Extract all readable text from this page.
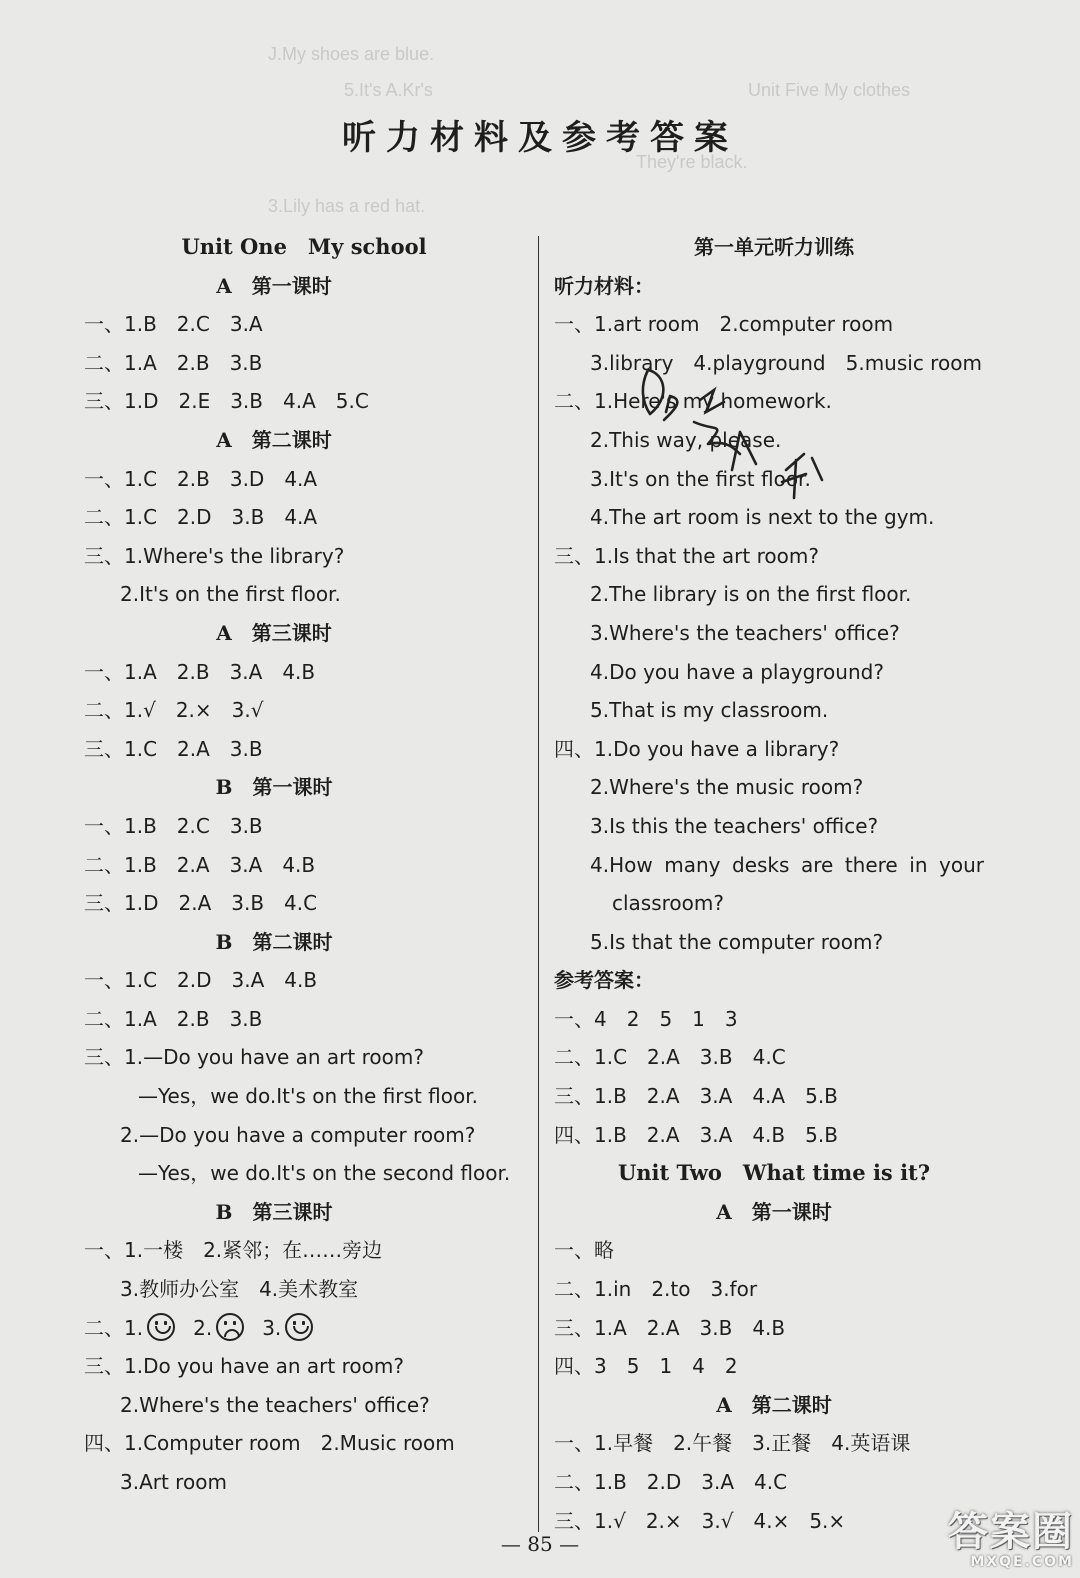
J.My shoes are blue.
5.It's A.Kr's	Unit Five My clothes
They're black.
3.Lily has a red hat.
听力材料及参考答案
Unit One　My school
A　第一课时
一、1.B　2.C　3.A
二、1.A　2.B　3.B
三、1.D　2.E　3.B　4.A　5.C
A　第二课时
一、1.C　2.B　3.D　4.A
二、1.C　2.D　3.B　4.A
三、1.Where's the library?
2.It's on the first floor.
A　第三课时
一、1.A　2.B　3.A　4.B
二、1.√　2.×　3.√
三、1.C　2.A　3.B
B　第一课时
一、1.B　2.C　3.B
二、1.B　2.A　3.A　4.B
三、1.D　2.A　3.B　4.C
B　第二课时
一、1.C　2.D　3.A　4.B
二、1.A　2.B　3.B
三、1.—Do you have an art room?
—Yes，we do.It's on the first floor.
2.—Do you have a computer room?
—Yes，we do.It's on the second floor.
B　第三课时
一、1.一楼　2.紧邻；在……旁边
3.教师办公室　4.美术教室
二、1.	2.	3.
三、1.Do you have an art room?
2.Where's the teachers' office?
四、1.Computer room　2.Music room
3.Art room
第一单元听力训练
听力材料：
一、1.art room　2.computer room
3.library　4.playground　5.music room
二、1.Here's my homework.
2.This way, please.
3.It's on the first floor.
4.The art room is next to the gym.
三、1.Is that the art room?
2.The library is on the first floor.
3.Where's the teachers' office?
4.Do you have a playground?
5.That is my classroom.
四、1.Do you have a library?
2.Where's the music room?
3.Is this the teachers' office?
4.How many desks are there in your
classroom?
5.Is that the computer room?
参考答案：
一、4　2　5　1　3
二、1.C　2.A　3.B　4.C
三、1.B　2.A　3.A　4.A　5.B
四、1.B　2.A　3.A　4.B　5.B
Unit Two　What time is it?
A　第一课时
一、略
二、1.in　2.to　3.for
三、1.A　2.A　3.B　4.B
四、3　5　1　4　2
A　第二课时
一、1.早餐　2.午餐　3.正餐　4.英语课
二、1.B　2.D　3.A　4.C
三、1.√　2.×　3.√　4.×　5.×
— 85 —	答案圈
MXQE.COM
